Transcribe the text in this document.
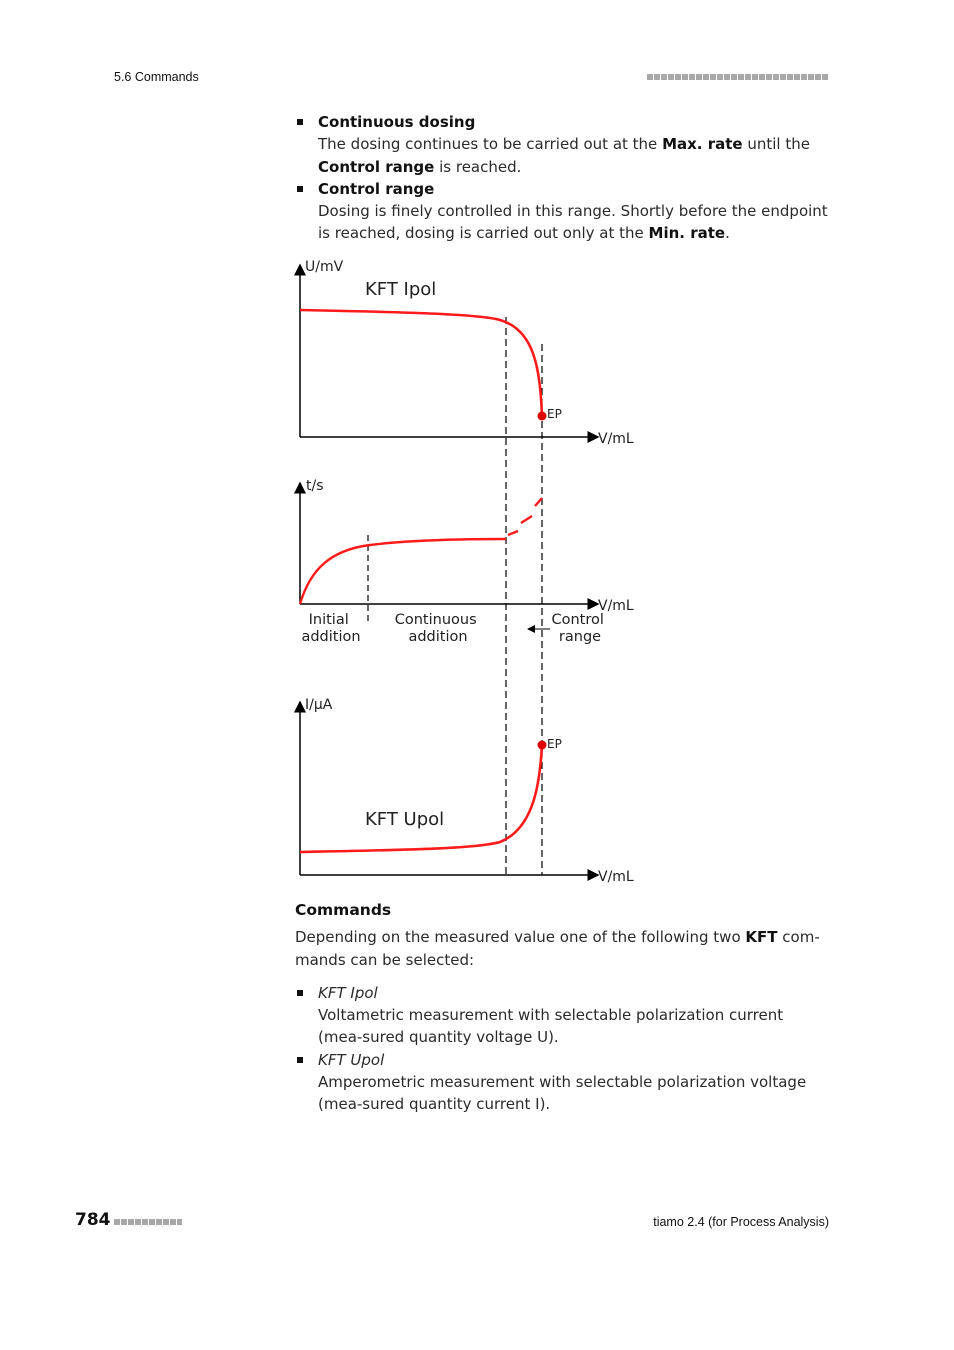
5.6 Commands
Continuous dosing
The dosing continues to be carried out at the Max. rate until the Control range is reached.
Control range
Dosing is finely controlled in this range. Shortly before the endpoint is reached, dosing is carried out only at the Min. rate.
U/mV
V/mL
KFT Ipol
EP
t/s
V/mL
Initial addition
Continuous addition
Control range
I/µA
V/mL
KFT Upol
EP
Commands
Depending on the measured value one of the following two KFT com-mands can be selected:
KFT Ipol
Voltametric measurement with selectable polarization current (mea-sured quantity voltage U).
KFT Upol
Amperometric measurement with selectable polarization voltage (mea-sured quantity current I).
784	tiamo 2.4 (for Process Analysis)
